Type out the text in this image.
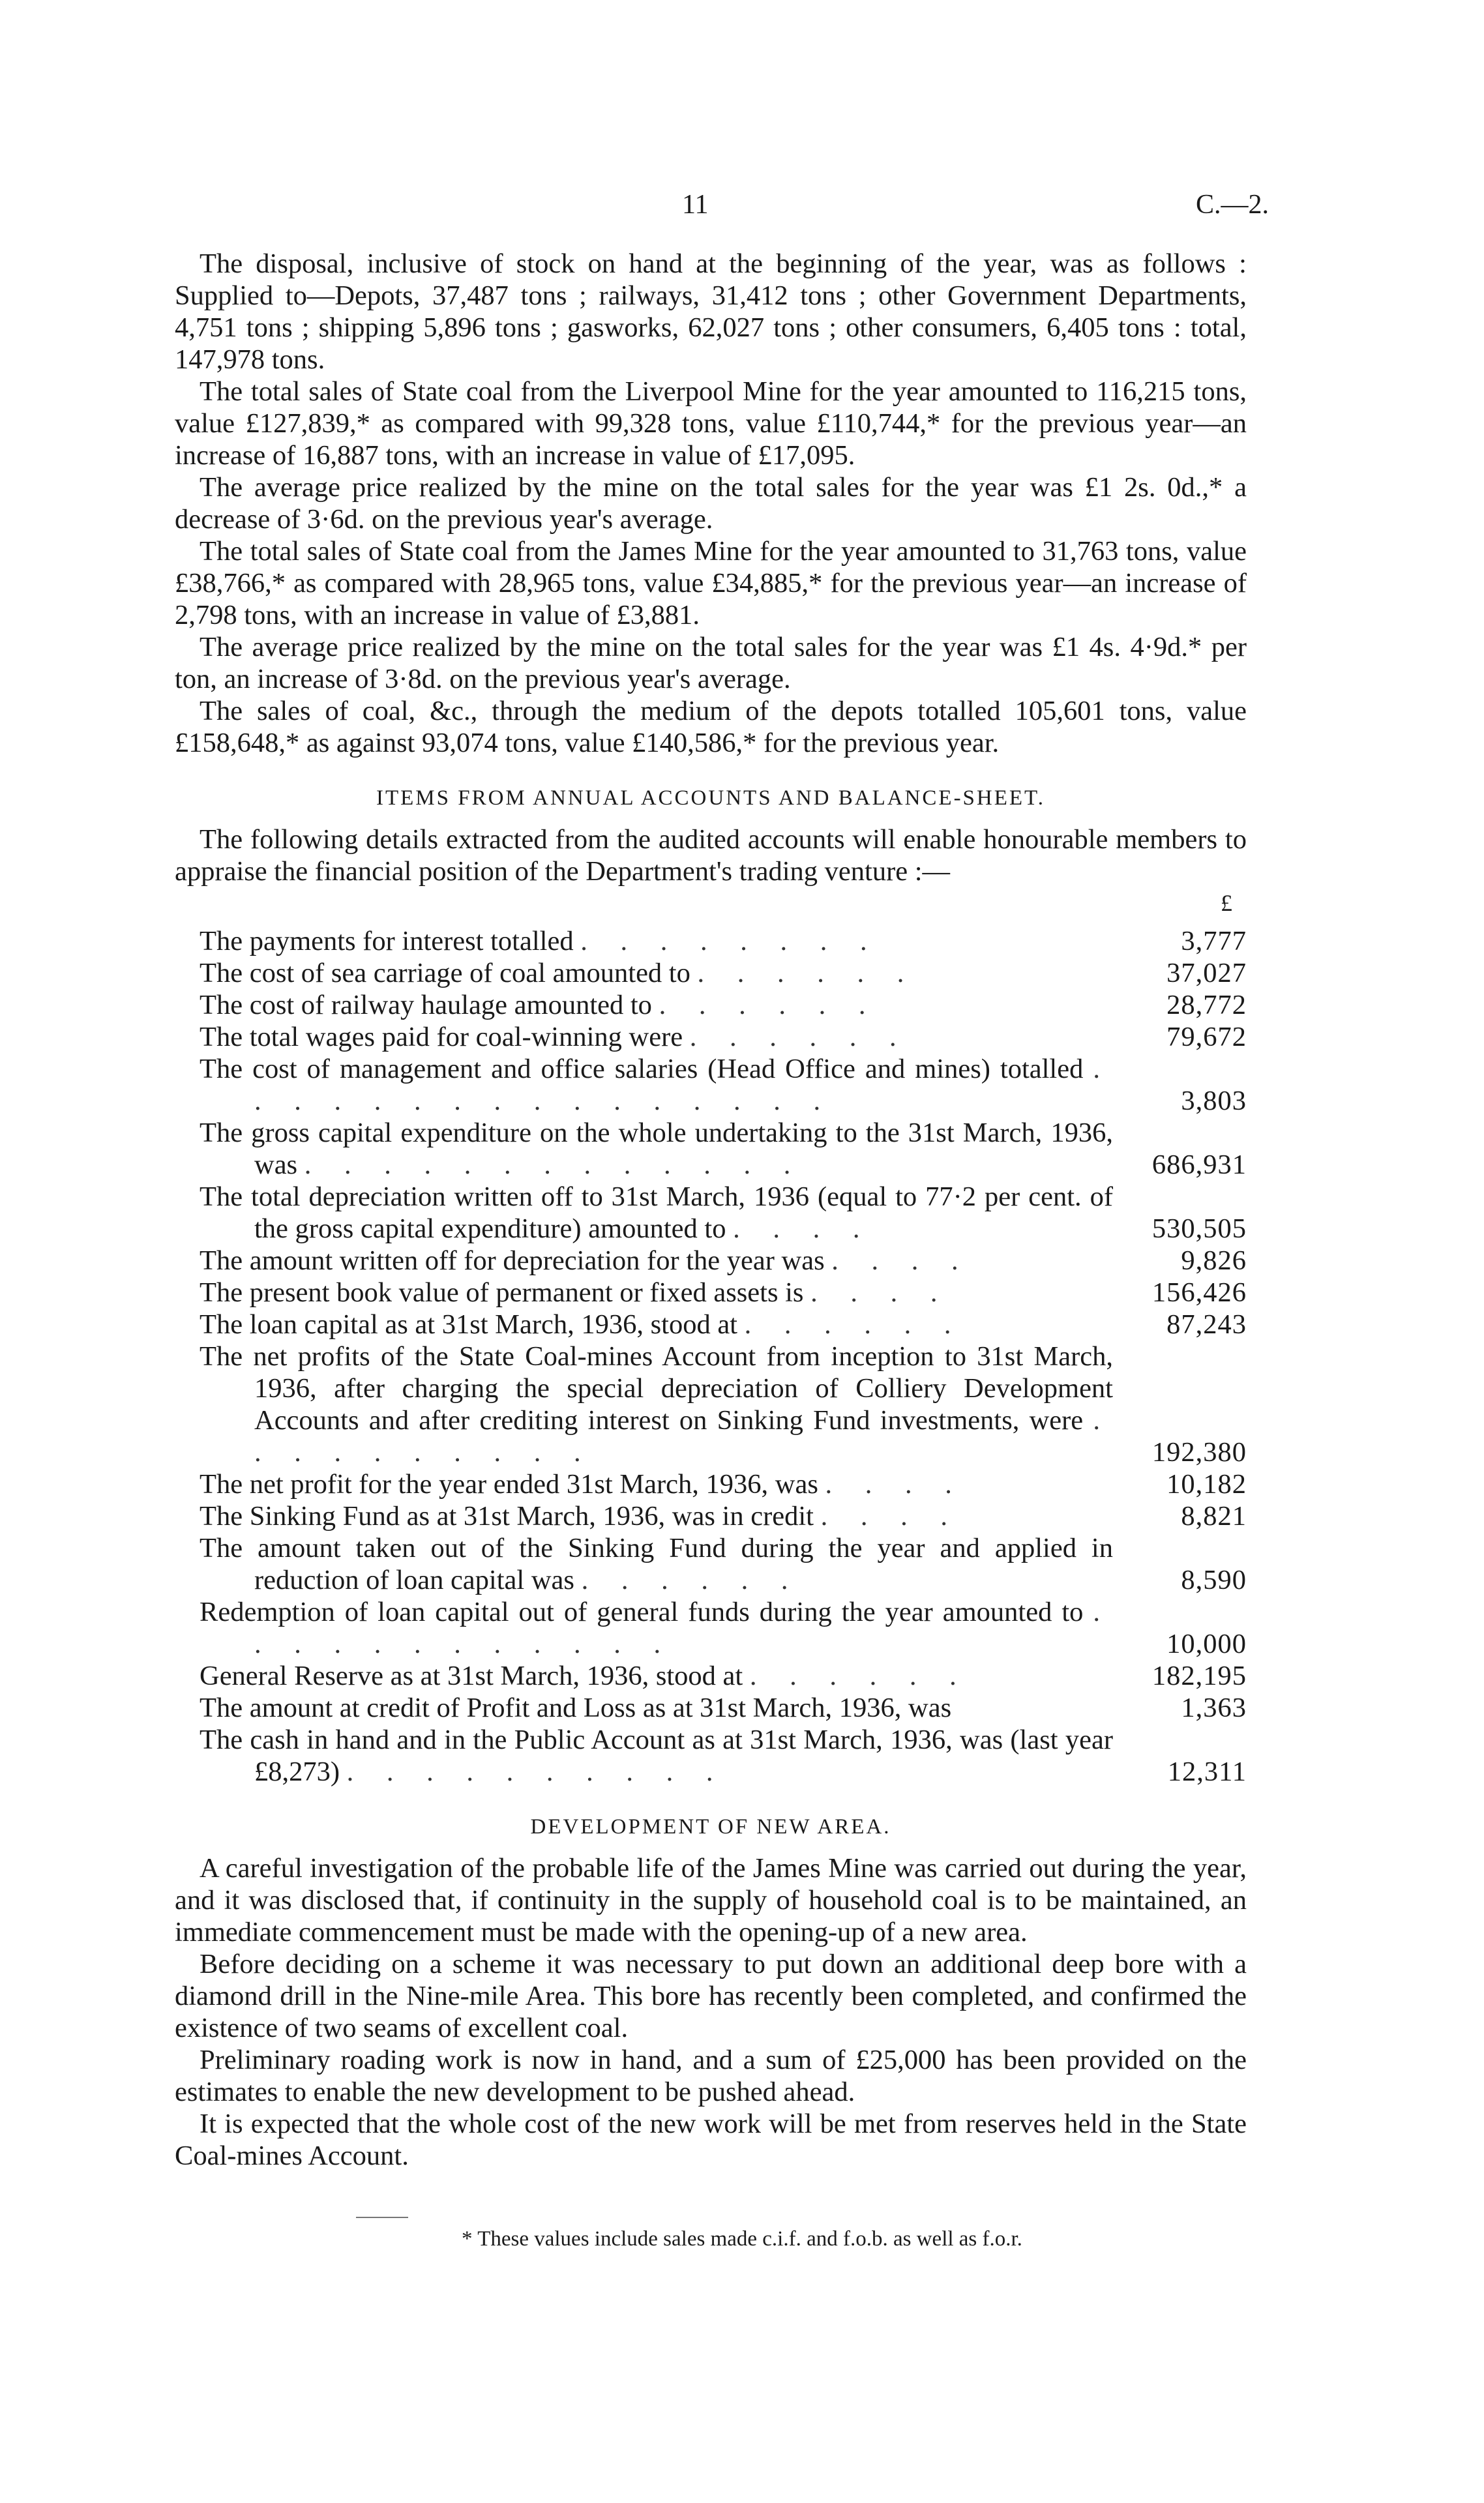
11	C.—2.

The disposal, inclusive of stock on hand at the beginning of the year, was as follows : Supplied to—Depots, 37,487 tons ; railways, 31,412 tons ; other Government Departments, 4,751 tons ; shipping 5,896 tons ; gasworks, 62,027 tons ; other consumers, 6,405 tons : total, 147,978 tons.

The total sales of State coal from the Liverpool Mine for the year amounted to 116,215 tons, value £127,839,* as compared with 99,328 tons, value £110,744,* for the previous year—an increase of 16,887 tons, with an increase in value of £17,095.

The average price realized by the mine on the total sales for the year was £1 2s. 0d.,* a decrease of 3·6d. on the previous year's average.

The total sales of State coal from the James Mine for the year amounted to 31,763 tons, value £38,766,* as compared with 28,965 tons, value £34,885,* for the previous year—an increase of 2,798 tons, with an increase in value of £3,881.

The average price realized by the mine on the total sales for the year was £1 4s. 4·9d.* per ton, an increase of 3·8d. on the previous year's average.

The sales of coal, &c., through the medium of the depots totalled 105,601 tons, value £158,648,* as against 93,074 tons, value £140,586,* for the previous year.

ITEMS FROM ANNUAL ACCOUNTS AND BALANCE-SHEET.

The following details extracted from the audited accounts will enable honourable members to appraise the financial position of the Department's trading venture :—

£

The payments for interest totalled . . . . . . . .	3,777

The cost of sea carriage of coal amounted to . . . . . .	37,027

The cost of railway haulage amounted to . . . . . .	28,772

The total wages paid for coal-winning were . . . . . .	79,672

The cost of management and office salaries (Head Office and mines) totalled . . . . . . . . . . . . . . . .	3,803

The gross capital expenditure on the whole undertaking to the 31st March, 1936, was . . . . . . . . . . . . .	686,931

The total depreciation written off to 31st March, 1936 (equal to 77·2 per cent. of the gross capital expenditure) amounted to . . . .	530,505

The amount written off for depreciation for the year was . . . .	9,826

The present book value of permanent or fixed assets is . . . .	156,426

The loan capital as at 31st March, 1936, stood at . . . . . .	87,243

The net profits of the State Coal-mines Account from inception to 31st March, 1936, after charging the special depreciation of Colliery Development Accounts and after crediting interest on Sinking Fund investments, were . . . . . . . . . .	192,380

The net profit for the year ended 31st March, 1936, was . . . .	10,182

The Sinking Fund as at 31st March, 1936, was in credit . . . .	8,821

The amount taken out of the Sinking Fund during the year and applied in reduction of loan capital was . . . . . .	8,590

Redemption of loan capital out of general funds during the year amounted to . . . . . . . . . . . .	10,000

General Reserve as at 31st March, 1936, stood at . . . . . .	182,195

The amount at credit of Profit and Loss as at 31st March, 1936, was	1,363

The cash in hand and in the Public Account as at 31st March, 1936, was (last year £8,273) . . . . . . . . . .	12,311
DEVELOPMENT OF NEW AREA.

A careful investigation of the probable life of the James Mine was carried out during the year, and it was disclosed that, if continuity in the supply of household coal is to be maintained, an immediate commencement must be made with the opening-up of a new area.

Before deciding on a scheme it was necessary to put down an additional deep bore with a diamond drill in the Nine-mile Area. This bore has recently been completed, and confirmed the existence of two seams of excellent coal.

Preliminary roading work is now in hand, and a sum of £25,000 has been provided on the estimates to enable the new development to be pushed ahead.

It is expected that the whole cost of the new work will be met from reserves held in the State Coal-mines Account.

* These values include sales made c.i.f. and f.o.b. as well as f.o.r.
